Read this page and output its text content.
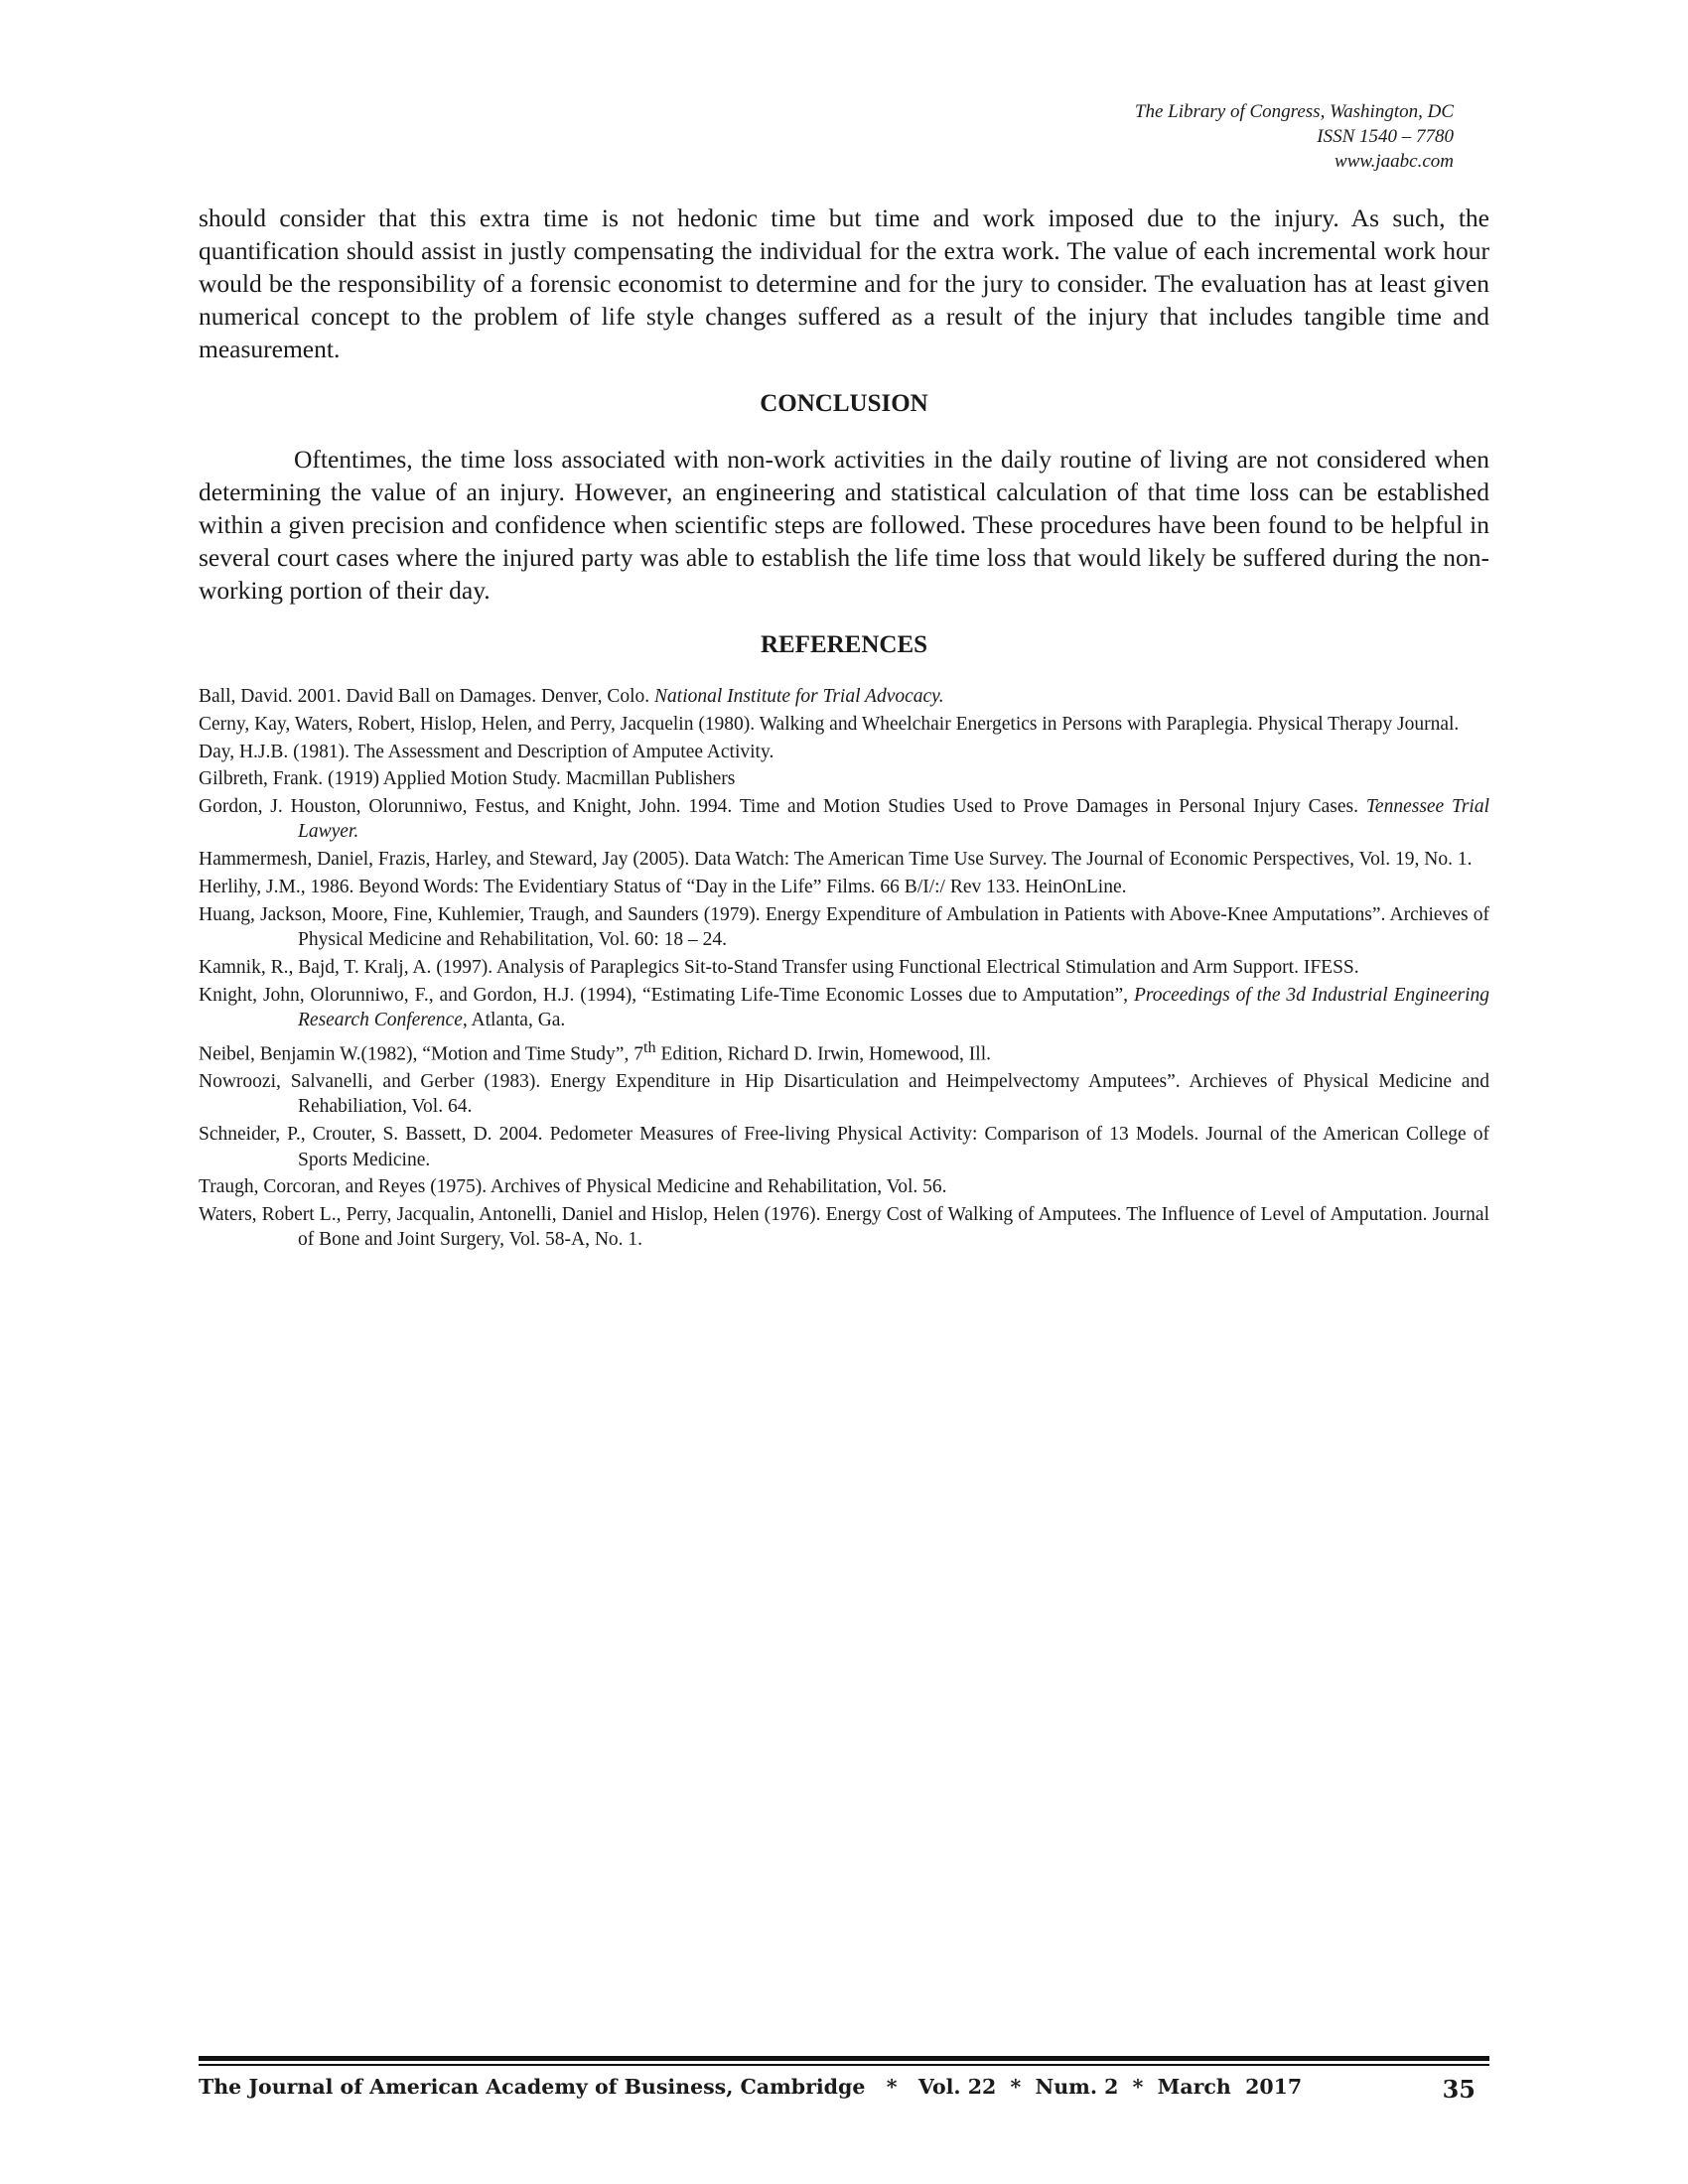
The Library of Congress, Washington, DC
ISSN 1540 – 7780
www.jaabc.com

should consider that this extra time is not hedonic time but time and work imposed due to the injury. As such, the quantification should assist in justly compensating the individual for the extra work. The value of each incremental work hour would be the responsibility of a forensic economist to determine and for the jury to consider. The evaluation has at least given numerical concept to the problem of life style changes suffered as a result of the injury that includes tangible time and measurement.

CONCLUSION

Oftentimes, the time loss associated with non-work activities in the daily routine of living are not considered when determining the value of an injury. However, an engineering and statistical calculation of that time loss can be established within a given precision and confidence when scientific steps are followed. These procedures have been found to be helpful in several court cases where the injured party was able to establish the life time loss that would likely be suffered during the non-working portion of their day.

REFERENCES
Ball, David. 2001. David Ball on Damages. Denver, Colo. National Institute for Trial Advocacy.
Cerny, Kay, Waters, Robert, Hislop, Helen, and Perry, Jacquelin (1980). Walking and Wheelchair Energetics in Persons with Paraplegia. Physical Therapy Journal.
Day, H.J.B. (1981). The Assessment and Description of Amputee Activity.
Gilbreth, Frank. (1919) Applied Motion Study. Macmillan Publishers
Gordon, J. Houston, Olorunniwo, Festus, and Knight, John. 1994. Time and Motion Studies Used to Prove Damages in Personal Injury Cases. Tennessee Trial Lawyer.
Hammermesh, Daniel, Frazis, Harley, and Steward, Jay (2005). Data Watch: The American Time Use Survey. The Journal of Economic Perspectives, Vol. 19, No. 1.
Herlihy, J.M., 1986. Beyond Words: The Evidentiary Status of “Day in the Life” Films. 66 B/I/:/ Rev 133. HeinOnLine.
Huang, Jackson, Moore, Fine, Kuhlemier, Traugh, and Saunders (1979). Energy Expenditure of Ambulation in Patients with Above-Knee Amputations”. Archieves of Physical Medicine and Rehabilitation, Vol. 60: 18 – 24.
Kamnik, R., Bajd, T. Kralj, A. (1997). Analysis of Paraplegics Sit-to-Stand Transfer using Functional Electrical Stimulation and Arm Support. IFESS.
Knight, John, Olorunniwo, F., and Gordon, H.J. (1994), “Estimating Life-Time Economic Losses due to Amputation”, Proceedings of the 3d Industrial Engineering Research Conference, Atlanta, Ga.
Neibel, Benjamin W.(1982), “Motion and Time Study”, 7th Edition, Richard D. Irwin, Homewood, Ill.
Nowroozi, Salvanelli, and Gerber (1983). Energy Expenditure in Hip Disarticulation and Heimpelvectomy Amputees”. Archieves of Physical Medicine and Rehabiliation, Vol. 64.
Schneider, P., Crouter, S. Bassett, D. 2004. Pedometer Measures of Free-living Physical Activity: Comparison of 13 Models. Journal of the American College of Sports Medicine.
Traugh, Corcoran, and Reyes (1975). Archives of Physical Medicine and Rehabilitation, Vol. 56.
Waters, Robert L., Perry, Jacqualin, Antonelli, Daniel and Hislop, Helen (1976). Energy Cost of Walking of Amputees. The Influence of Level of Amputation. Journal of Bone and Joint Surgery, Vol. 58-A, No. 1.
The Journal of American Academy of Business, Cambridge   *   Vol. 22  *  Num. 2  *  March  2017	35
